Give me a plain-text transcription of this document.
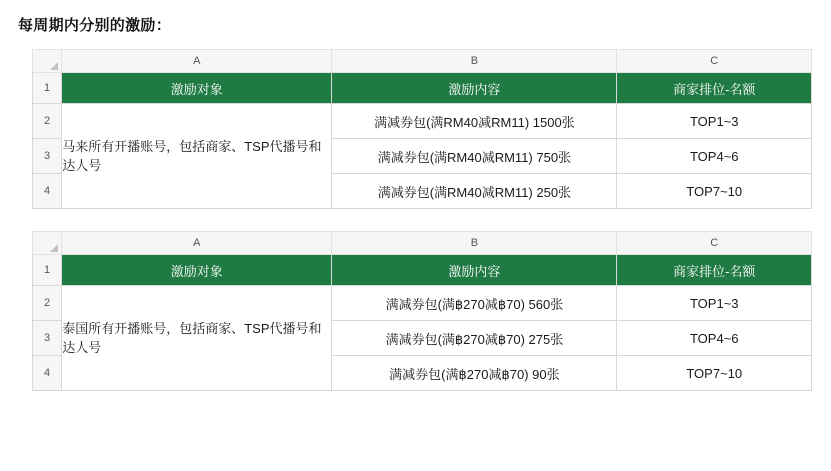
每周期内分别的激励：
	A	B	C
1	激励对象	激励内容	商家排位-名额
2	马来所有开播账号，包括商家、TSP代播号和达人号	满减券包(满RM40减RM11) 1500张	TOP1~3
3		满减券包(满RM40减RM11) 750张	TOP4~6
4		满减券包(满RM40减RM11) 250张	TOP7~10
	A	B	C
1	激励对象	激励内容	商家排位-名额
2	泰国所有开播账号，包括商家、TSP代播号和达人号	满减券包(满฿270减฿70) 560张	TOP1~3
3		满减券包(满฿270减฿70) 275张	TOP4~6
4		满减券包(满฿270减฿70) 90张	TOP7~10
